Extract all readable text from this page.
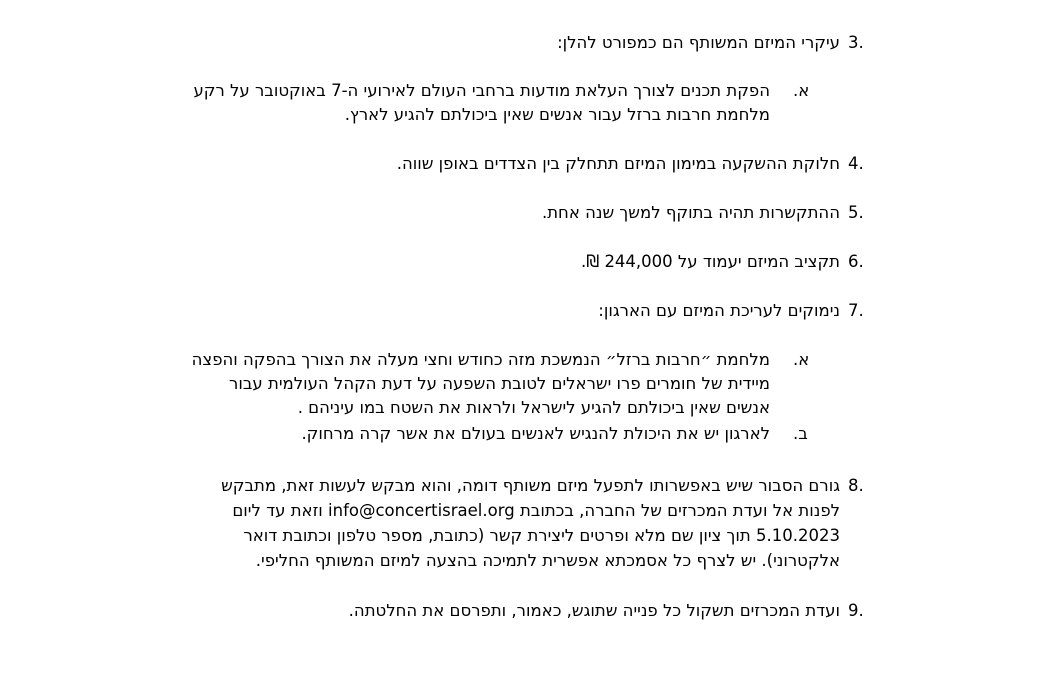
3.
עיקרי המיזם המשותף הם כמפורט להלן:
א.
הפקת תכנים לצורך העלאת מודעות ברחבי העולם לאירועי ה-7 באוקטובר על רקע
מלחמת חרבות ברזל עבור אנשים שאין ביכולתם להגיע לארץ.
4.
חלוקת ההשקעה במימון המיזם תתחלק בין הצדדים באופן שווה.
5.
ההתקשרות תהיה בתוקף למשך שנה אחת.
6.
תקציב המיזם יעמוד על 244,000 ₪.
7.
נימוקים לעריכת המיזם עם הארגון:
א.
מלחמת ״חרבות ברזל״ הנמשכת מזה כחודש וחצי מעלה את הצורך בהפקה והפצה
מיידית של חומרים פרו ישראלים לטובת השפעה על דעת הקהל העולמית עבור
אנשים שאין ביכולתם להגיע לישראל ולראות את השטח במו עיניהם .
ב.
לארגון יש את היכולת להנגיש לאנשים בעולם את אשר קרה מרחוק.
8.
גורם הסבור שיש באפשרותו לתפעל מיזם משותף דומה, והוא מבקש לעשות זאת, מתבקש
לפנות אל ועדת המכרזים של החברה, בכתובת info@concertisrael.org וזאת עד ליום
5.10.2023 תוך ציון שם מלא ופרטים ליצירת קשר (כתובת, מספר טלפון וכתובת דואר
אלקטרוני). יש לצרף כל אסמכתא אפשרית לתמיכה בהצעה למיזם המשותף החליפי.
9.
ועדת המכרזים תשקול כל פנייה שתוגש, כאמור, ותפרסם את החלטתה.
